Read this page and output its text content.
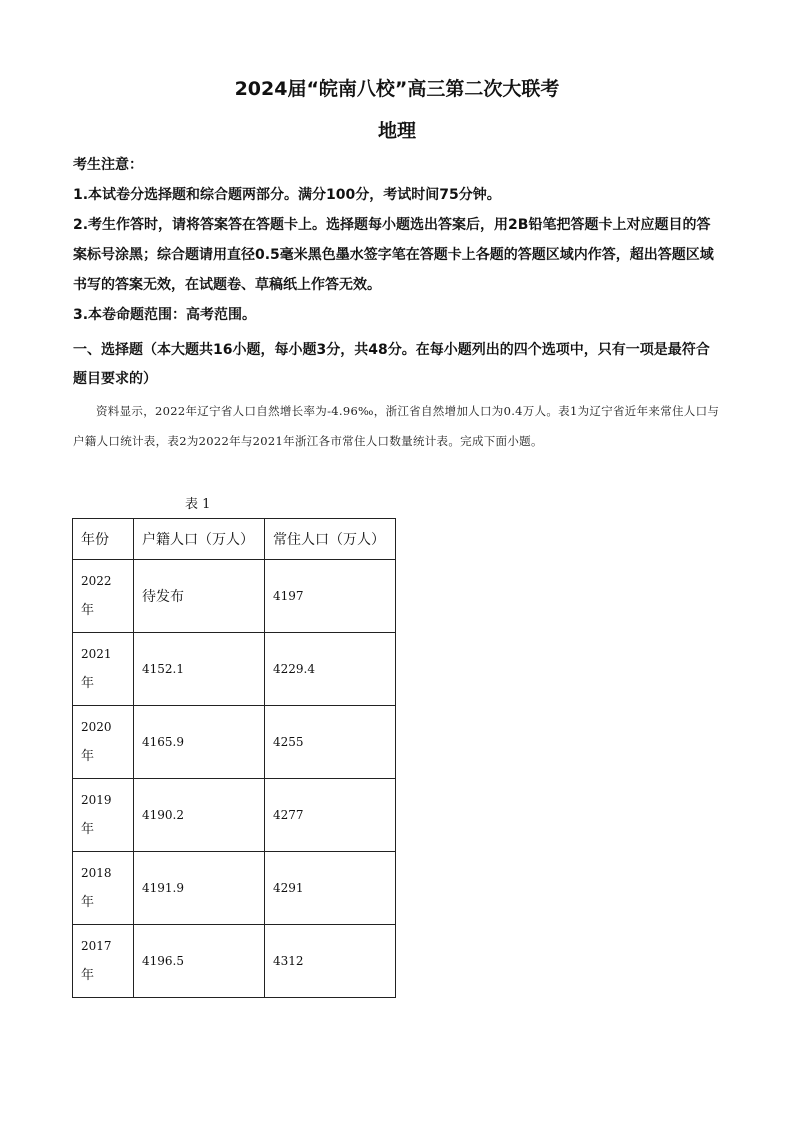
2024届“皖南八校”高三第二次大联考
地理
考生注意：
1.本试卷分选择题和综合题两部分。满分100分，考试时间75分钟。
2.考生作答时，请将答案答在答题卡上。选择题每小题选出答案后，用2B铅笔把答题卡上对应题目的答案标号涂黑；综合题请用直径0.5毫米黑色墨水签字笔在答题卡上各题的答题区域内作答，超出答题区域书写的答案无效，在试题卷、草稿纸上作答无效。
3.本卷命题范围：高考范围。
一、选择题（本大题共16小题，每小题3分，共48分。在每小题列出的四个选项中，只有一项是最符合题目要求的）
资料显示，2022年辽宁省人口自然增长率为-4.96‰，浙江省自然增加人口为0.4万人。表1为辽宁省近年来常住人口与户籍人口统计表，表2为2022年与2021年浙江各市常住人口数量统计表。完成下面小题。
表 1
年份	户籍人口（万人）	常住人口（万人）

2022
年	待发布	4197

2021
年	4152.1	4229.4

2020
年	4165.9	4255

2019
年	4190.2	4277

2018
年	4191.9	4291

2017
年	4196.5	4312
